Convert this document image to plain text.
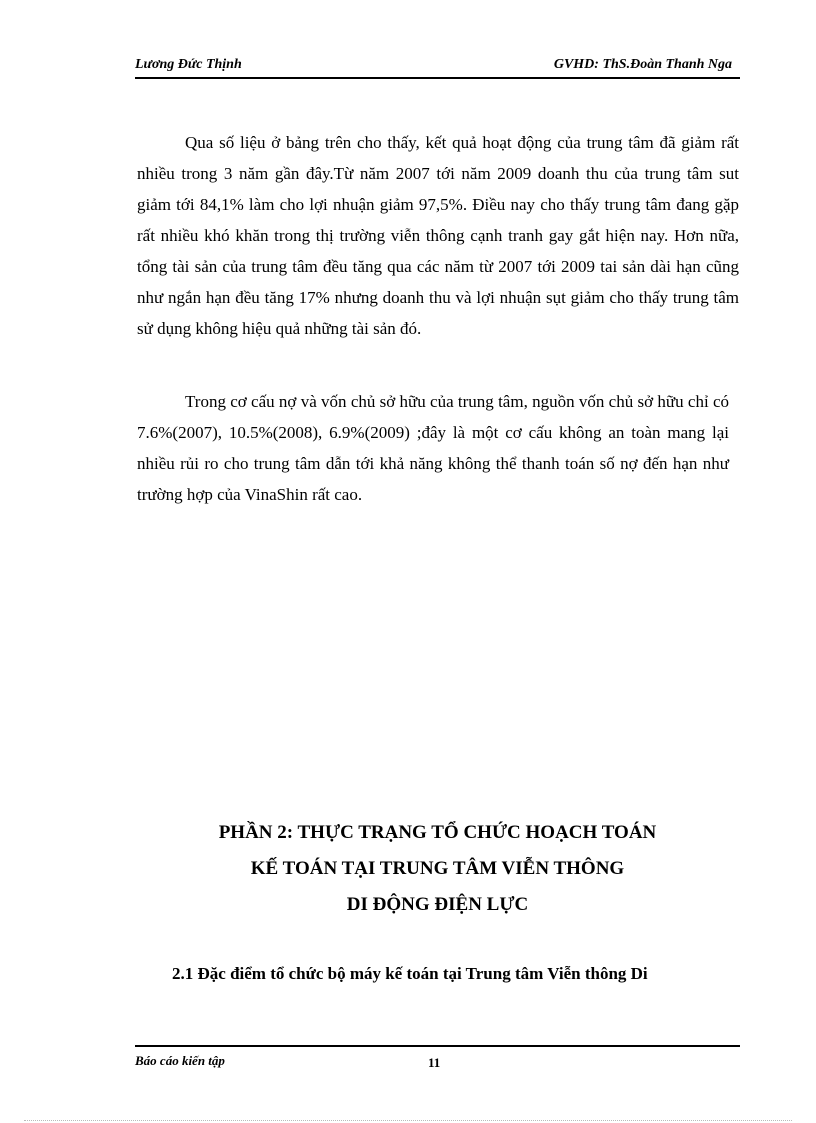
Lương Đức Thịnh	GVHD: ThS.Đoàn Thanh Nga

Qua số liệu ở bảng trên cho thấy, kết quả hoạt động của trung tâm đã giảm rất nhiều trong 3 năm gần đây.Từ năm 2007 tới năm 2009 doanh thu của trung tâm sut giảm tới 84,1% làm cho lợi nhuận giảm 97,5%. Điều nay cho thấy trung tâm đang gặp rất nhiều khó khăn trong thị trường viễn thông cạnh tranh gay gắt hiện nay. Hơn nữa, tổng tài sản của trung tâm đều tăng qua các năm từ 2007 tới 2009 tai sản dài hạn cũng như ngắn hạn đều tăng 17% nhưng doanh thu và lợi nhuận sụt giảm cho thấy trung tâm sử dụng không hiệu quả những tài sản đó.

Trong cơ cấu nợ và vốn chủ sở hữu của trung tâm, nguồn vốn chủ sở hữu chỉ có 7.6%(2007), 10.5%(2008), 6.9%(2009) ;đây là một cơ cấu không an toàn mang lại nhiều rủi ro cho trung tâm dẫn tới khả năng không thể thanh toán số nợ đến hạn như trường hợp của VinaShin rất cao.

PHẦN 2: THỰC TRẠNG TỔ CHỨC HOẠCH TOÁN
KẾ TOÁN TẠI TRUNG TÂM VIỄN THÔNG
DI ĐỘNG ĐIỆN LỰC
2.1 Đặc điểm tổ chức bộ máy kế toán tại Trung tâm Viễn thông Di
Báo cáo kiến tập	11
